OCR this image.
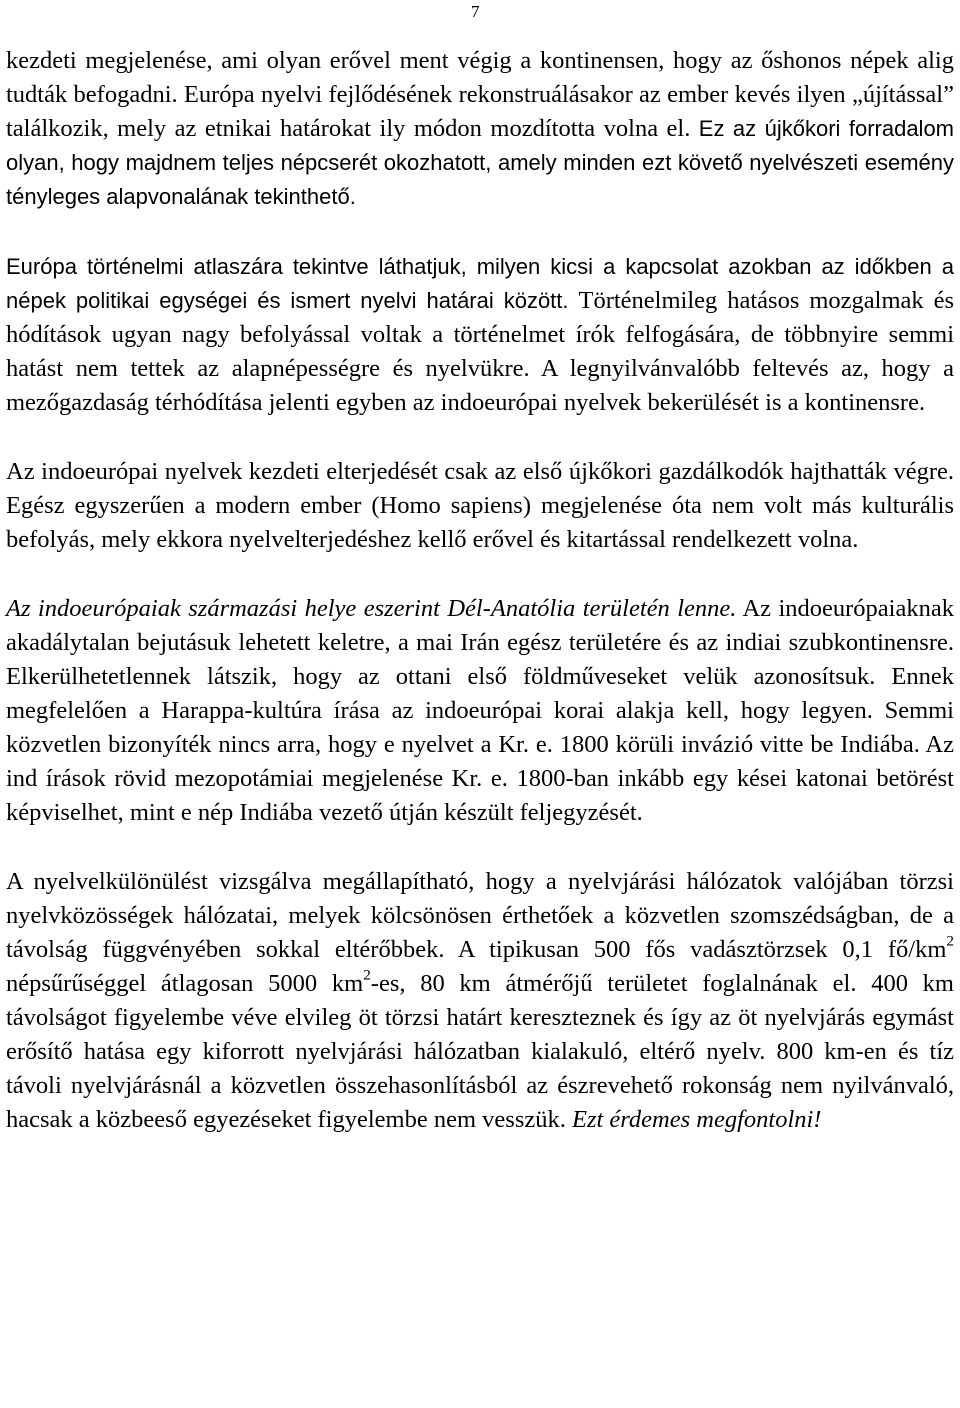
7

kezdeti megjelenése, ami olyan erővel ment végig a kontinensen, hogy az őshonos népek alig tudták befogadni. Európa nyelvi fejlődésének rekonstruálásakor az ember kevés ilyen „újítással” találkozik, mely az etnikai határokat ily módon mozdította volna el. Ez az újkőkori forradalom olyan, hogy majdnem teljes népcserét okozhatott, amely minden ezt követő nyelvészeti esemény tényleges alapvonalának tekinthető.

Európa történelmi atlaszára tekintve láthatjuk, milyen kicsi a kapcsolat azokban az időkben a népek politikai egységei és ismert nyelvi határai között. Történelmileg hatásos mozgalmak és hódítások ugyan nagy befolyással voltak a történelmet írók felfogására, de többnyire semmi hatást nem tettek az alapnépességre és nyelvükre. A legnyilvánvalóbb feltevés az, hogy a mezőgazdaság térhódítása jelenti egyben az indoeurópai nyelvek bekerülését is a kontinensre.

Az indoeurópai nyelvek kezdeti elterjedését csak az első újkőkori gazdálkodók hajthatták végre. Egész egyszerűen a modern ember (Homo sapiens) megjelenése óta nem volt más kulturális befolyás, mely ekkora nyelvelterjedéshez kellő erővel és kitartással rendelkezett volna.

Az indoeurópaiak származási helye eszerint Dél-Anatólia területén lenne. Az indoeurópaiaknak akadálytalan bejutásuk lehetett keletre, a mai Irán egész területére és az indiai szubkontinensre. Elkerülhetetlennek látszik, hogy az ottani első földműveseket velük azonosítsuk. Ennek megfelelően a Harappa-kultúra írása az indoeurópai korai alakja kell, hogy legyen. Semmi közvetlen bizonyíték nincs arra, hogy e nyelvet a Kr. e. 1800 körüli invázió vitte be Indiába. Az ind írások rövid mezopotámiai megjelenése Kr. e. 1800-ban inkább egy kései katonai betörést képviselhet, mint e nép Indiába vezető útján készült feljegyzését.

A nyelvelkülönülést vizsgálva megállapítható, hogy a nyelvjárási hálózatok valójában törzsi nyelvközösségek hálózatai, melyek kölcsönösen érthetőek a közvetlen szomszédságban, de a távolság függvényében sokkal eltérőbbek. A tipikusan 500 fős vadásztörzsek 0,1 $fő/km^2$ népsűrűséggel átlagosan 5000 $km^2-es$, 80 km átmérőjű területet foglalnának el. 400 km távolságot figyelembe véve elvileg öt törzsi határt kereszteznek és így az öt nyelvjárás egymást erősítő hatása egy kiforrott nyelvjárási hálózatban kialakuló, eltérő nyelv. 800 km-en és tíz távoli nyelvjárásnál a közvetlen összehasonlításból az észrevehető rokonság nem nyilvánvaló, hacsak a közbeeső egyezéseket figyelembe nem vesszük. Ezt érdemes megfontolni!
